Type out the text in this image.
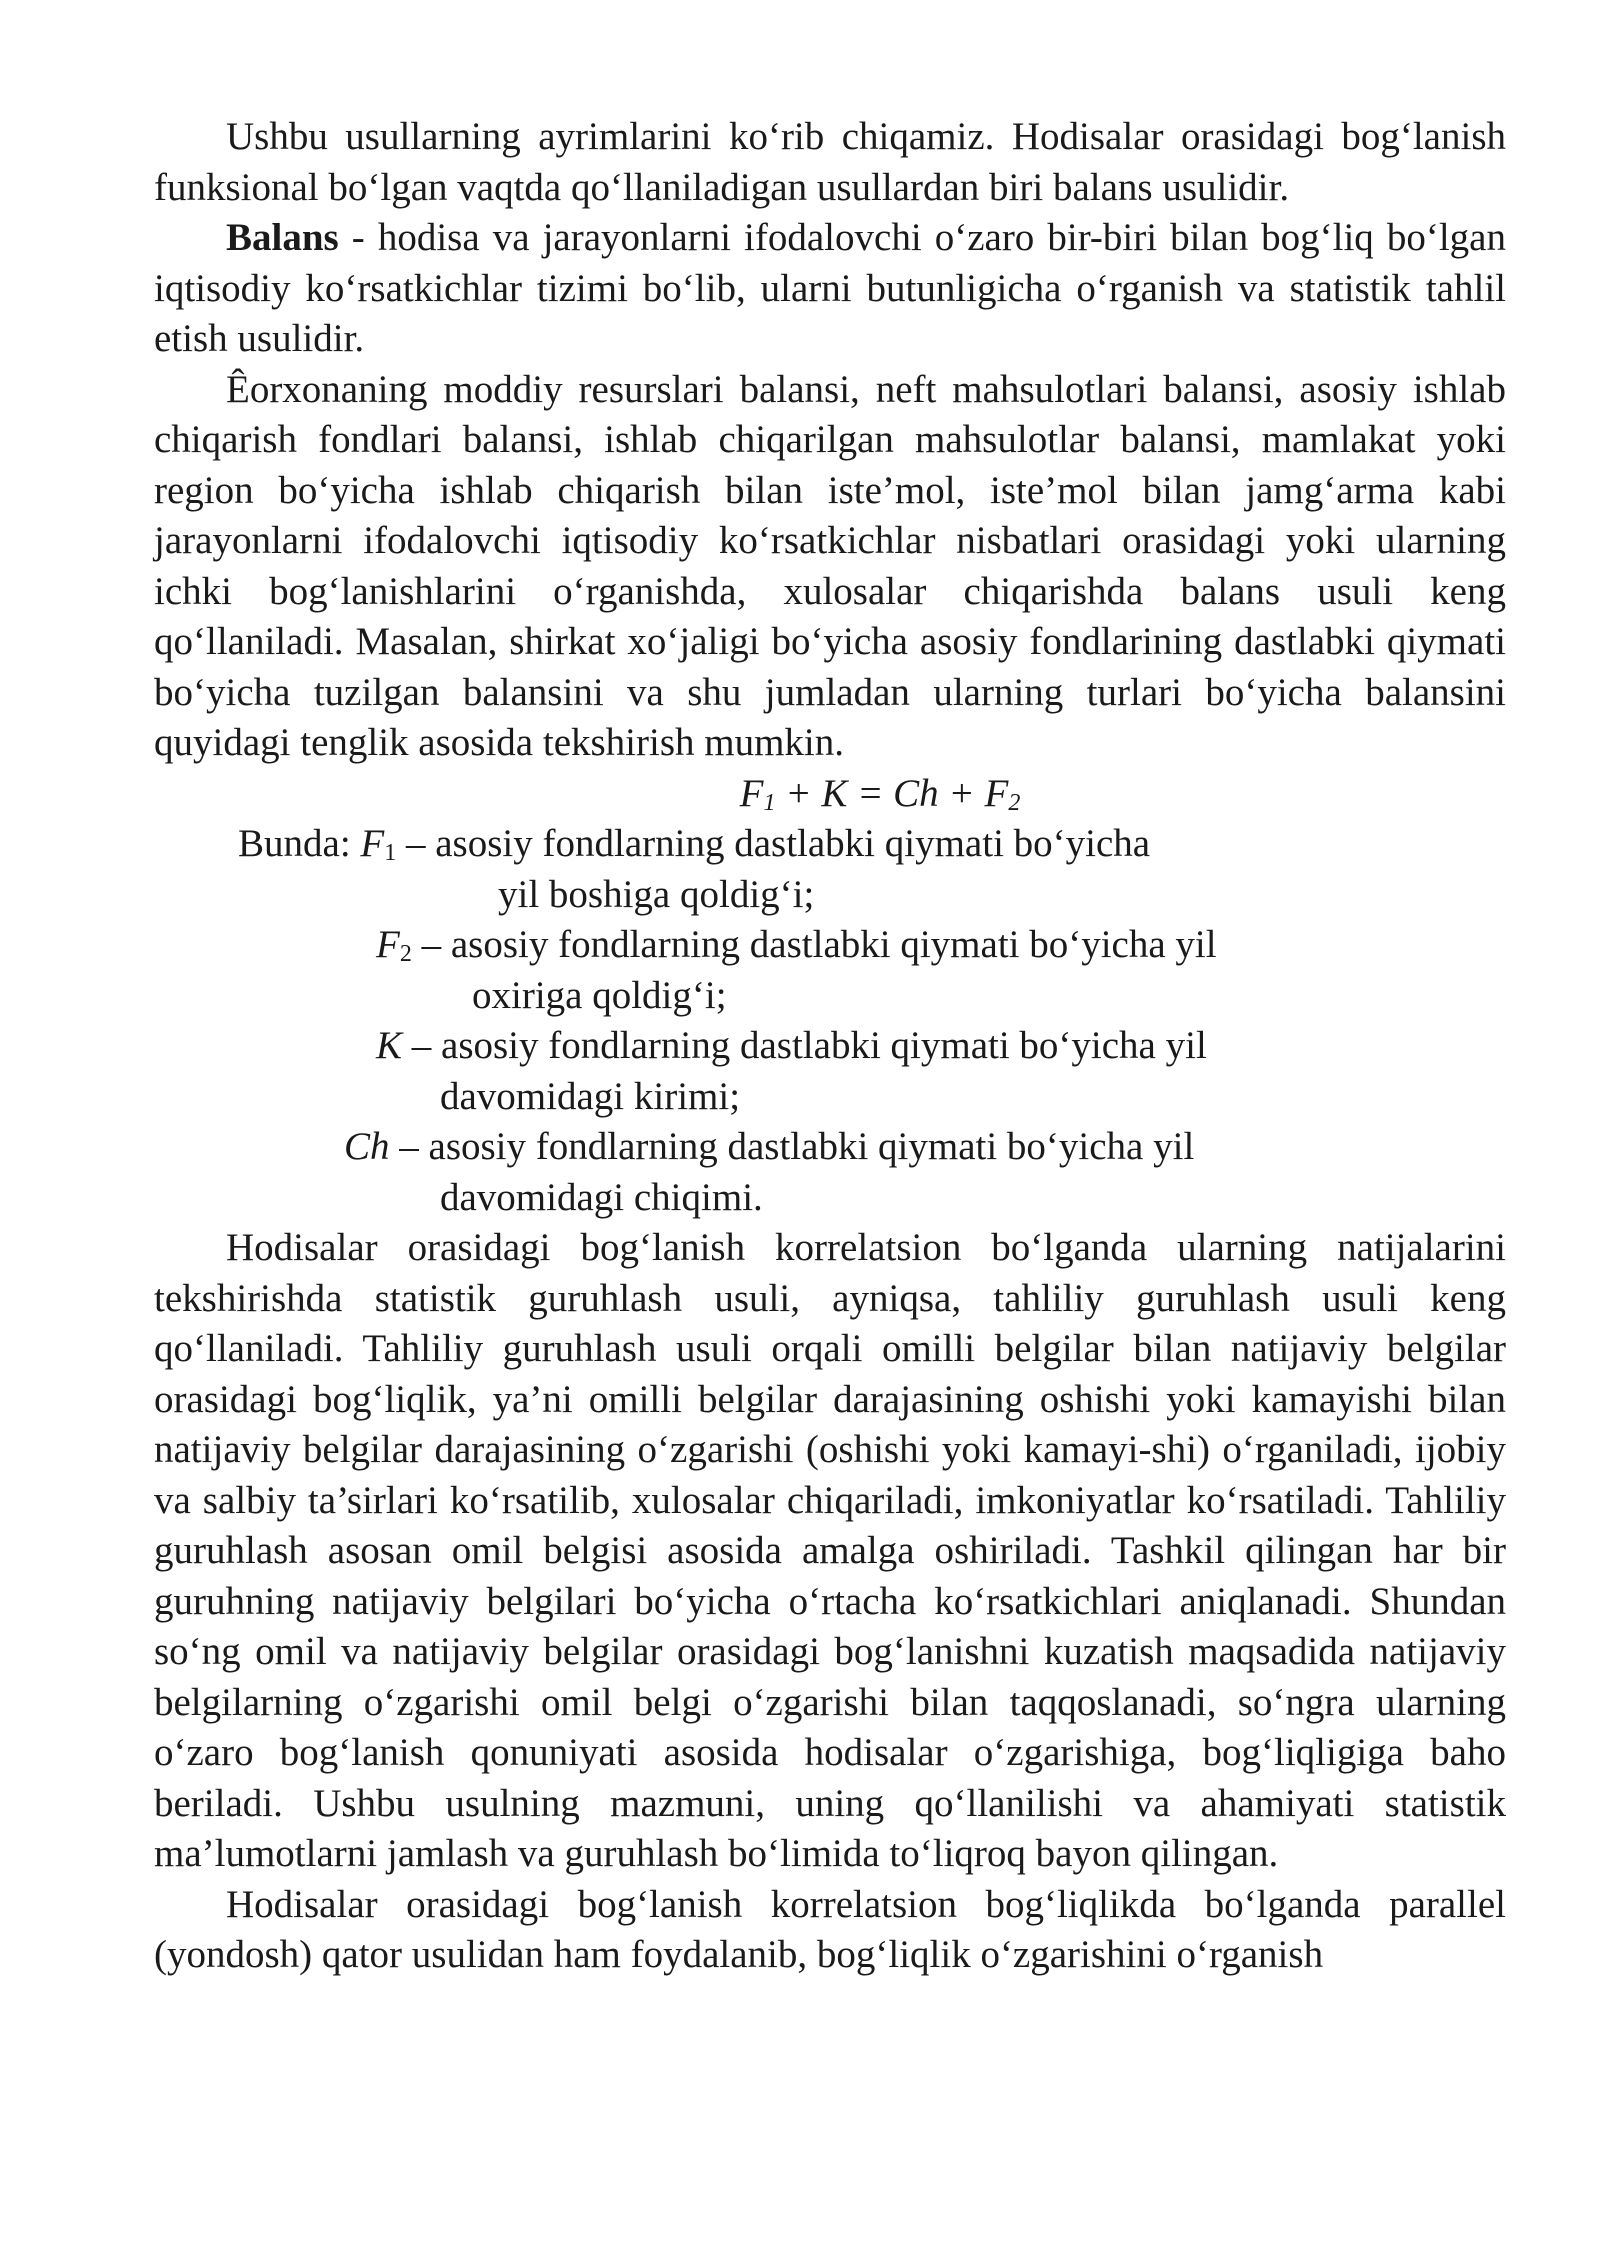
Ushbu usullarning ayrimlarini ko‘rib chiqamiz. Hodisalar orasidagi bog‘lanish funksional bo‘lgan vaqtda qo‘llaniladigan usullardan biri balans usulidir.

Balans - hodisa va jarayonlarni ifodalovchi o‘zaro bir-biri bilan bog‘liq bo‘lgan iqtisodiy ko‘rsatkichlar tizimi bo‘lib, ularni butunligicha o‘rganish va statistik tahlil etish usulidir.

Êorxonaning moddiy resurslari balansi, neft mahsulotlari balansi, asosiy ishlab chiqarish fondlari balansi, ishlab chiqarilgan mahsulotlar balansi, mamlakat yoki region bo‘yicha ishlab chiqarish bilan iste’mol, iste’mol bilan jamg‘arma kabi jarayonlarni ifodalovchi iqtisodiy ko‘rsatkichlar nisbatlari orasidagi yoki ularning ichki bog‘lanishlarini o‘rganishda, xulosalar chiqarishda balans usuli keng qo‘llaniladi. Masalan, shirkat xo‘jaligi bo‘yicha asosiy fondlarining dastlabki qiymati bo‘yicha tuzilgan balansini va shu jumladan ularning turlari bo‘yicha balansini quyidagi tenglik asosida tekshirish mumkin.

$F_1 + K = Ch + F_2$

Bunda: $F_1$ – asosiy fondlarning dastlabki qiymati bo‘yicha
yil boshiga qoldig‘i;

$F_2$ – asosiy fondlarning dastlabki qiymati bo‘yicha yil
oxiriga qoldig‘i;

K – asosiy fondlarning dastlabki qiymati bo‘yicha yil
davomidagi kirimi;

Ch – asosiy fondlarning dastlabki qiymati bo‘yicha yil
davomidagi chiqimi.

Hodisalar orasidagi bog‘lanish korrelatsion bo‘lganda ularning natijalarini tekshirishda statistik guruhlash usuli, ayniqsa, tahliliy guruhlash usuli keng qo‘llaniladi. Tahliliy guruhlash usuli orqali omilli belgilar bilan natijaviy belgilar orasidagi bog‘liqlik, ya’ni omilli belgilar darajasining oshishi yoki kamayishi bilan natijaviy belgilar darajasining o‘zgarishi (oshishi yoki kamayi-shi) o‘rganiladi, ijobiy va salbiy ta’sirlari ko‘rsatilib, xulosalar chiqariladi, imkoniyatlar ko‘rsatiladi. Tahliliy guruhlash asosan omil belgisi asosida amalga oshiriladi. Tashkil qilingan har bir guruhning natijaviy belgilari bo‘yicha o‘rtacha ko‘rsatkichlari aniqlanadi. Shundan so‘ng omil va natijaviy belgilar orasidagi bog‘lanishni kuzatish maqsadida natijaviy belgilarning o‘zgarishi omil belgi o‘zgarishi bilan taqqoslanadi, so‘ngra ularning o‘zaro bog‘lanish qonuniyati asosida hodisalar o‘zgarishiga, bog‘liqligiga baho beriladi. Ushbu usulning mazmuni, uning qo‘llanilishi va ahamiyati statistik ma’lumotlarni jamlash va guruhlash bo‘limida to‘liqroq bayon qilingan.

Hodisalar orasidagi bog‘lanish korrelatsion bog‘liqlikda bo‘lganda parallel (yondosh) qator usulidan ham foydalanib, bog‘liqlik o‘zgarishini o‘rganish
